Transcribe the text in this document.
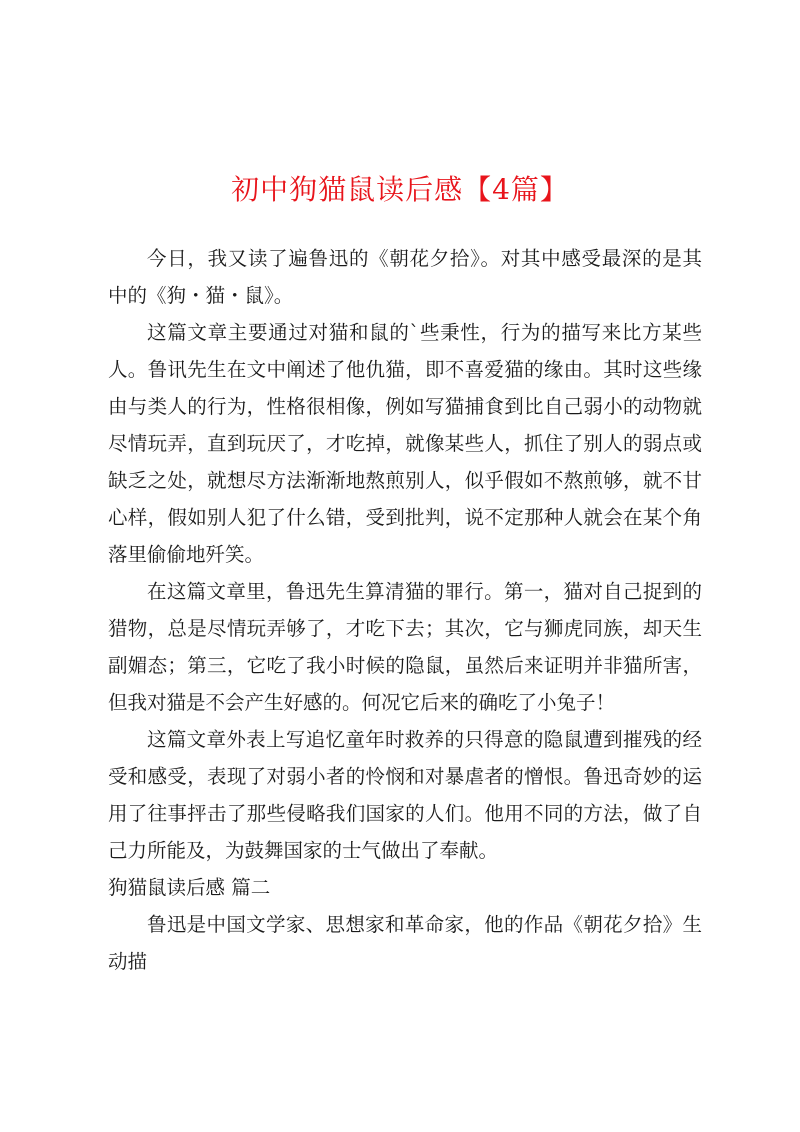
初中狗猫鼠读后感【4篇】

今日，我又读了遍鲁迅的《朝花夕拾》。对其中感受最深的是其中的《狗・猫・鼠》。

这篇文章主要通过对猫和鼠的`些秉性，行为的描写来比方某些人。鲁讯先生在文中阐述了他仇猫，即不喜爱猫的缘由。其时这些缘由与类人的行为，性格很相像，例如写猫捕食到比自己弱小的动物就尽情玩弄，直到玩厌了，才吃掉，就像某些人，抓住了别人的弱点或缺乏之处，就想尽方法渐渐地熬煎别人，似乎假如不熬煎够，就不甘心样，假如别人犯了什么错，受到批判，说不定那种人就会在某个角落里偷偷地歼笑。

在这篇文章里，鲁迅先生算清猫的罪行。第一，猫对自己捉到的猎物，总是尽情玩弄够了，才吃下去；其次，它与狮虎同族，却天生副媚态；第三，它吃了我小时候的隐鼠，虽然后来证明并非猫所害，但我对猫是不会产生好感的。何况它后来的确吃了小兔子！

这篇文章外表上写追忆童年时救养的只得意的隐鼠遭到摧残的经受和感受，表现了对弱小者的怜悯和对暴虐者的憎恨。鲁迅奇妙的运用了往事抨击了那些侵略我们国家的人们。他用不同的方法，做了自己力所能及，为鼓舞国家的士气做出了奉献。

狗猫鼠读后感 篇二

鲁迅是中国文学家、思想家和革命家，他的作品《朝花夕拾》生动描
